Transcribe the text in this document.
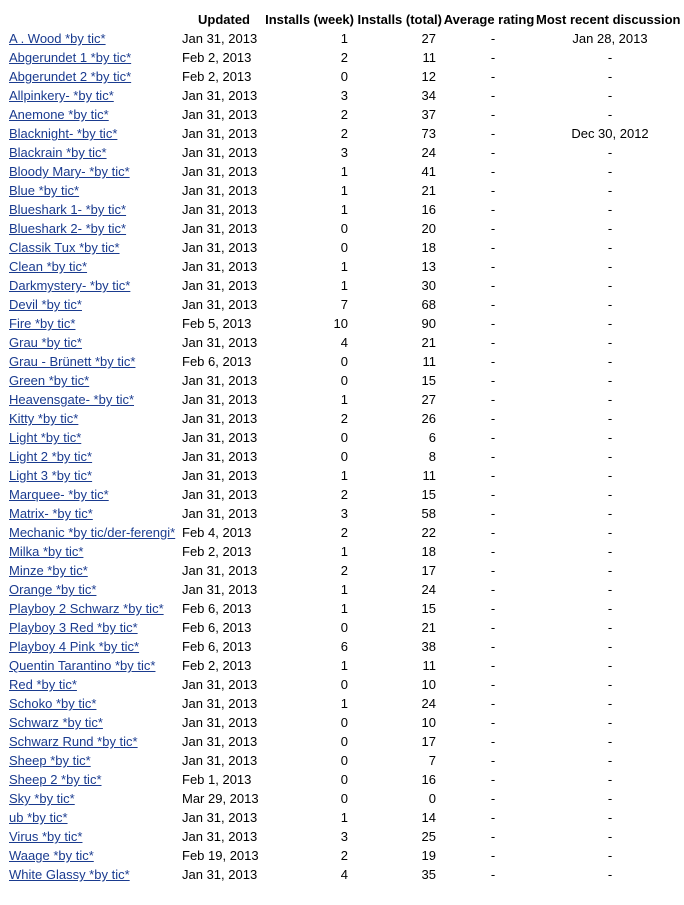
	Updated	Installs (week)	Installs (total)	Average rating	Most recent discussion
A . Wood *by tic*	Jan 31, 2013	1	27	-	Jan 28, 2013
Abgerundet 1 *by tic*	Feb 2, 2013	2	11	-	-
Abgerundet 2 *by tic*	Feb 2, 2013	0	12	-	-
Allpinkery- *by tic*	Jan 31, 2013	3	34	-	-
Anemone *by tic*	Jan 31, 2013	2	37	-	-
Blacknight- *by tic*	Jan 31, 2013	2	73	-	Dec 30, 2012
Blackrain *by tic*	Jan 31, 2013	3	24	-	-
Bloody Mary- *by tic*	Jan 31, 2013	1	41	-	-
Blue *by tic*	Jan 31, 2013	1	21	-	-
Blueshark 1- *by tic*	Jan 31, 2013	1	16	-	-
Blueshark 2- *by tic*	Jan 31, 2013	0	20	-	-
Classik Tux *by tic*	Jan 31, 2013	0	18	-	-
Clean *by tic*	Jan 31, 2013	1	13	-	-
Darkmystery- *by tic*	Jan 31, 2013	1	30	-	-
Devil *by tic*	Jan 31, 2013	7	68	-	-
Fire *by tic*	Feb 5, 2013	10	90	-	-
Grau *by tic*	Jan 31, 2013	4	21	-	-
Grau - Brünett *by tic*	Feb 6, 2013	0	11	-	-
Green *by tic*	Jan 31, 2013	0	15	-	-
Heavensgate- *by tic*	Jan 31, 2013	1	27	-	-
Kitty *by tic*	Jan 31, 2013	2	26	-	-
Light *by tic*	Jan 31, 2013	0	6	-	-
Light 2 *by tic*	Jan 31, 2013	0	8	-	-
Light 3 *by tic*	Jan 31, 2013	1	11	-	-
Marquee- *by tic*	Jan 31, 2013	2	15	-	-
Matrix- *by tic*	Jan 31, 2013	3	58	-	-
Mechanic *by tic/der-ferengi*	Feb 4, 2013	2	22	-	-
Milka *by tic*	Feb 2, 2013	1	18	-	-
Minze *by tic*	Jan 31, 2013	2	17	-	-
Orange *by tic*	Jan 31, 2013	1	24	-	-
Playboy 2 Schwarz *by tic*	Feb 6, 2013	1	15	-	-
Playboy 3 Red *by tic*	Feb 6, 2013	0	21	-	-
Playboy 4 Pink *by tic*	Feb 6, 2013	6	38	-	-
Quentin Tarantino *by tic*	Feb 2, 2013	1	11	-	-
Red *by tic*	Jan 31, 2013	0	10	-	-
Schoko *by tic*	Jan 31, 2013	1	24	-	-
Schwarz *by tic*	Jan 31, 2013	0	10	-	-
Schwarz Rund *by tic*	Jan 31, 2013	0	17	-	-
Sheep *by tic*	Jan 31, 2013	0	7	-	-
Sheep 2 *by tic*	Feb 1, 2013	0	16	-	-
Sky *by tic*	Mar 29, 2013	0	0	-	-
ub *by tic*	Jan 31, 2013	1	14	-	-
Virus *by tic*	Jan 31, 2013	3	25	-	-
Waage *by tic*	Feb 19, 2013	2	19	-	-
White Glassy *by tic*	Jan 31, 2013	4	35	-	-
